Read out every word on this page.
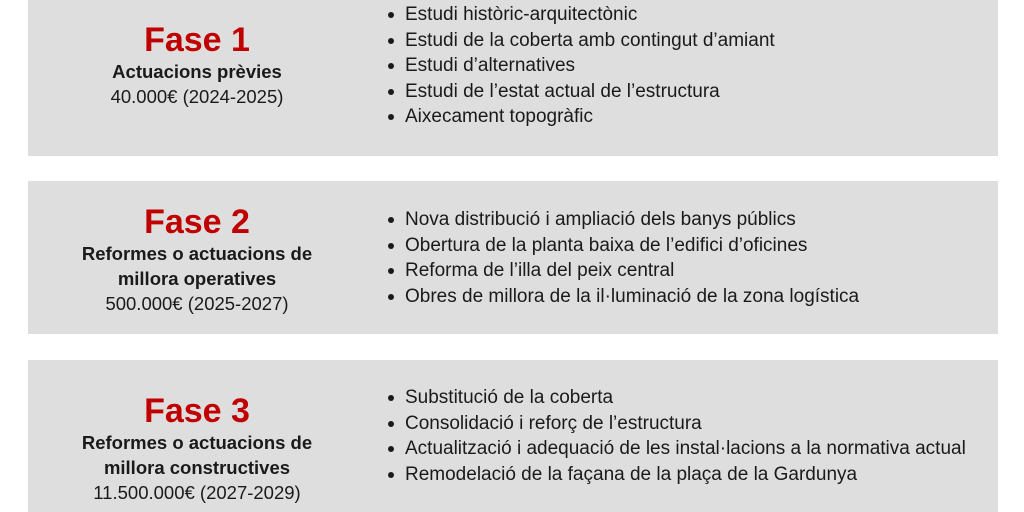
Fase 1
Actuacions prèvies
40.000€ (2024-2025)
Estudi històric-arquitectònic
Estudi de la coberta amb contingut d’amiant
Estudi d’alternatives
Estudi de l’estat actual de l’estructura
Aixecament topogràfic
Fase 2
Reformes o actuacions de
millora operatives
500.000€ (2025-2027)
Nova distribució i ampliació dels banys públics
Obertura de la planta baixa de l’edifici d’oficines
Reforma de l’illa del peix central
Obres de millora de la il·luminació de la zona logística
Fase 3
Reformes o actuacions de
millora constructives
11.500.000€ (2027-2029)
Substitució de la coberta
Consolidació i reforç de l’estructura
Actualització i adequació de les instal·lacions a la normativa actual
Remodelació de la façana de la plaça de la Gardunya
